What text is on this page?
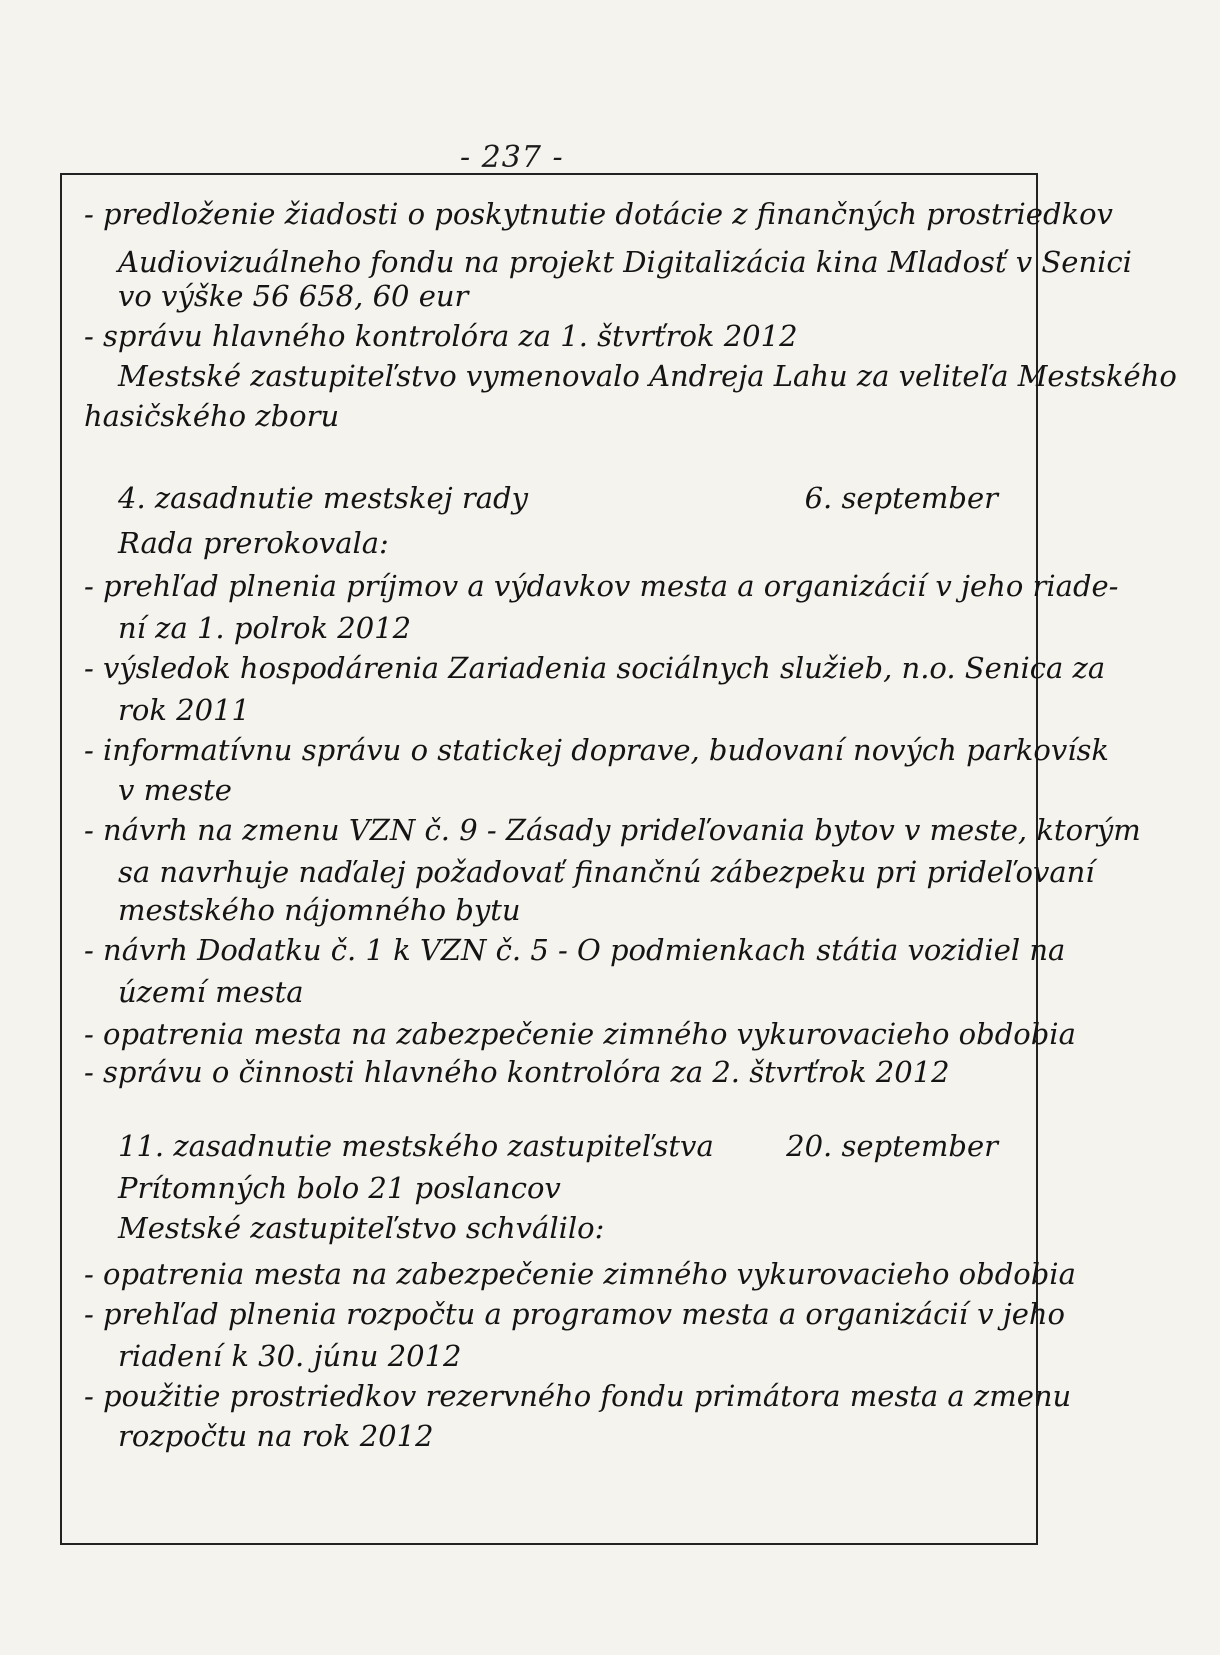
- 237 -
- predloženie žiadosti o poskytnutie dotácie z finančných prostriedkov
Audiovizuálneho fondu na projekt Digitalizácia kina Mladosť v Senici
vo výške 56 658, 60 eur
- správu hlavného kontrolóra za 1. štvrťrok 2012
Mestské zastupiteľstvo vymenovalo Andreja Lahu za veliteľa Mestského
hasičského zboru
4. zasadnutie mestskej rady	6. september
Rada prerokovala:
- prehľad plnenia príjmov a výdavkov mesta a organizácií v jeho riade-
ní za 1. polrok 2012
- výsledok hospodárenia Zariadenia sociálnych služieb, n.o. Senica za
rok 2011
- informatívnu správu o statickej doprave, budovaní nových parkovísk
v meste
- návrh na zmenu VZN č. 9 - Zásady prideľovania bytov v meste, ktorým
sa navrhuje naďalej požadovať finančnú zábezpeku pri prideľovaní
mestského nájomného bytu
- návrh Dodatku č. 1 k VZN č. 5 - O podmienkach státia vozidiel na
území mesta
- opatrenia mesta na zabezpečenie zimného vykurovacieho obdobia
- správu o činnosti hlavného kontrolóra za 2. štvrťrok 2012
11. zasadnutie mestského zastupiteľstva 20. september
Prítomných bolo 21 poslancov
Mestské zastupiteľstvo schválilo:
- opatrenia mesta na zabezpečenie zimného vykurovacieho obdobia
- prehľad plnenia rozpočtu a programov mesta a organizácií v jeho
riadení k 30. júnu 2012
- použitie prostriedkov rezervného fondu primátora mesta a zmenu
rozpočtu na rok 2012
